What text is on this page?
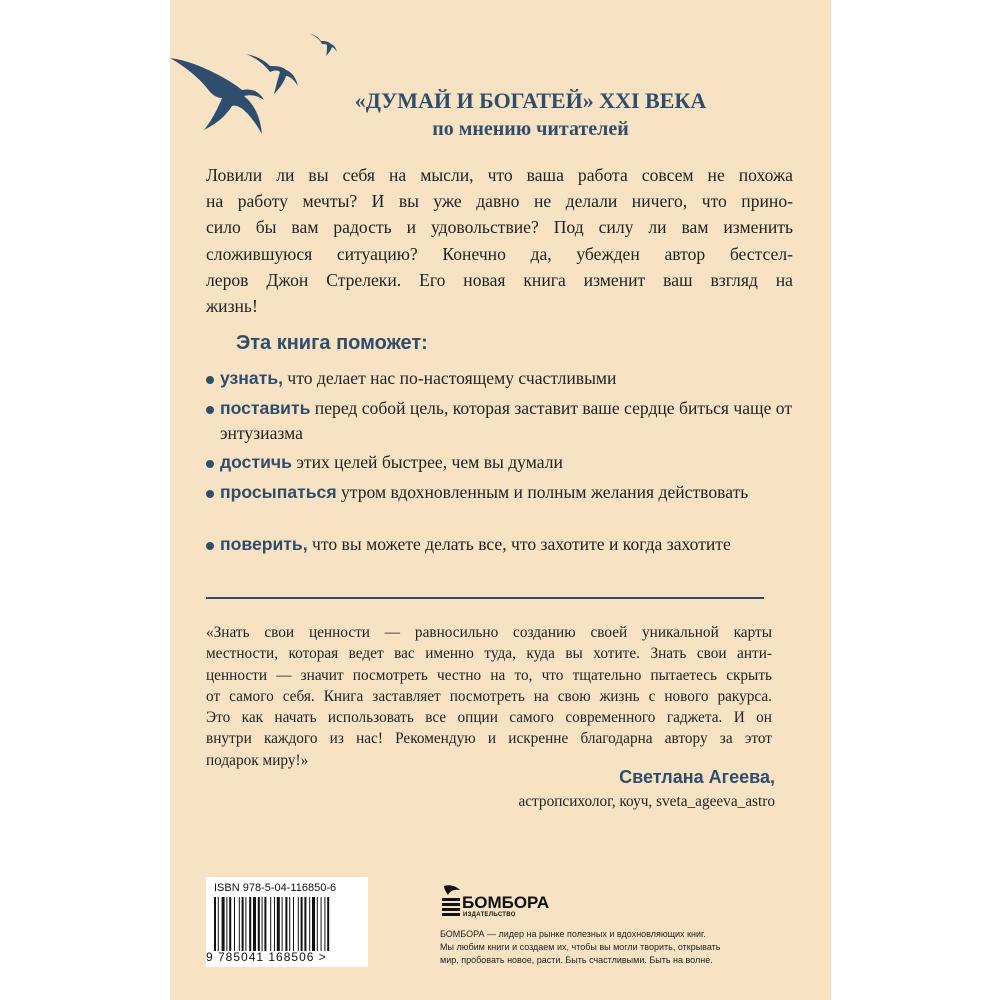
«ДУМАЙ И БОГАТЕЙ» XXI ВЕКА
по мнению читателей
Ловили ли вы себя на мысли, что ваша работа совсем не похожа
на работу мечты? И вы уже давно не делали ничего, что прино-
сило бы вам радость и удовольствие? Под силу ли вам изменить
сложившуюся ситуацию? Конечно да, убежден автор бестсел-
леров Джон Стрелеки. Его новая книга изменит ваш взгляд на
жизнь!
Эта книга поможет:
узнать, что делает нас по-настоящему счастливыми
поставить перед собой цель, которая заставит ваше сердце биться чаще от энтузиазма
достичь этих целей быстрее, чем вы думали
просыпаться утром вдохновленным и полным желания действовать
поверить, что вы можете делать все, что захотите и когда захотите
«Знать свои ценности — равносильно созданию своей уникальной карты
местности, которая ведет вас именно туда, куда вы хотите. Знать свои анти-
ценности — значит посмотреть честно на то, что тщательно пытаетесь скрыть
от самого себя. Книга заставляет посмотреть на свою жизнь с нового ракурса.
Это как начать использовать все опции самого современного гаджета. И он
внутри каждого из нас! Рекомендую и искренне благодарна автору за этот
подарок миру!»
Светлана Агеева,
астропсихолог, коуч, sveta_ageeva_astro
ISBN 978-5-04-116850-6
9 785041 168506 >
БОМБОРА
ИЗДАТЕЛЬСТВО
БОМБОРА — лидер на рынке полезных и вдохновляющих книг.
Мы любим книги и создаем их, чтобы вы могли творить, открывать
мир, пробовать новое, расти. Быть счастливыми. Быть на волне.
